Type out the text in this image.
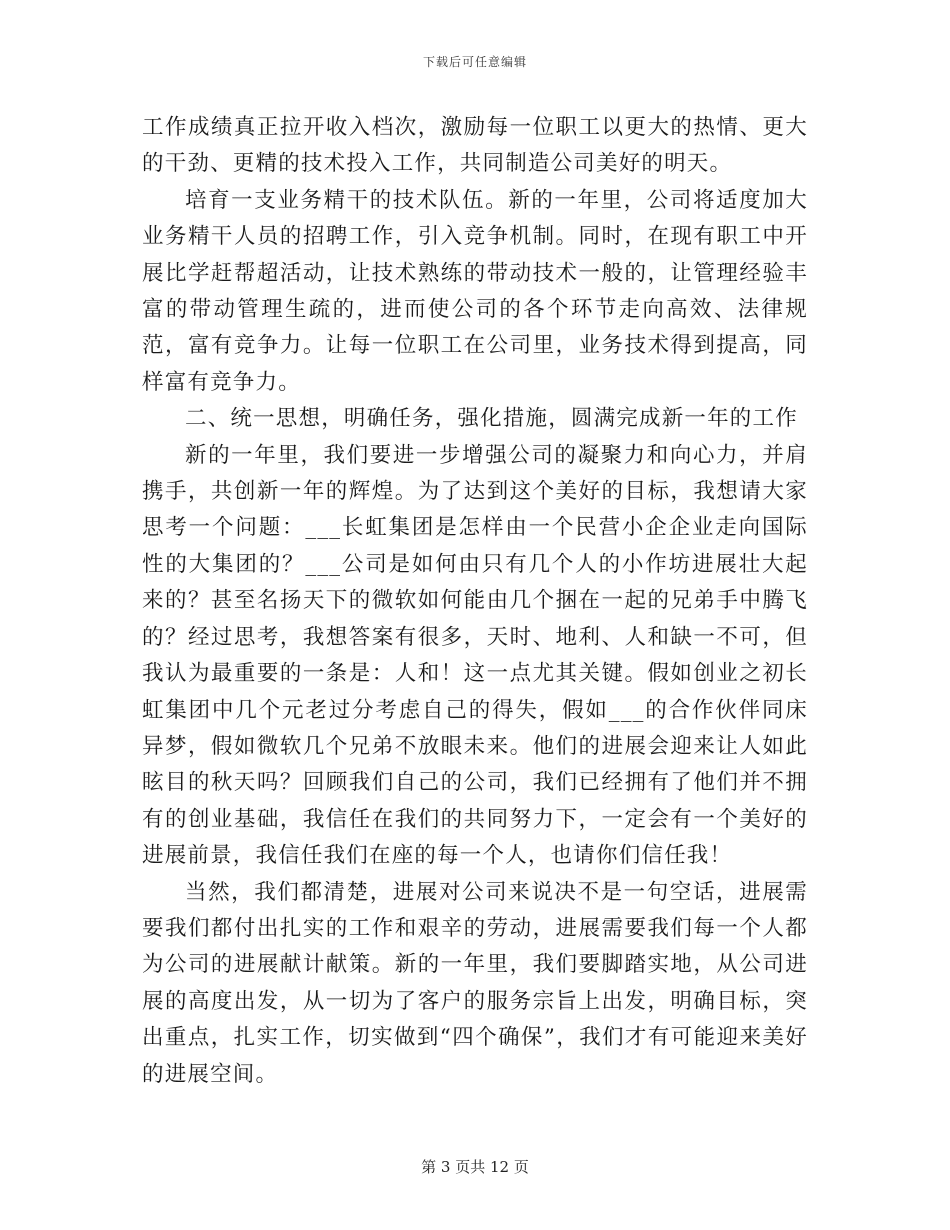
下载后可任意编辑

工作成绩真正拉开收入档次，激励每一位职工以更大的热情、更大的干劲、更精的技术投入工作，共同制造公司美好的明天。

培育一支业务精干的技术队伍。新的一年里，公司将适度加大业务精干人员的招聘工作，引入竞争机制。同时，在现有职工中开展比学赶帮超活动，让技术熟练的带动技术一般的，让管理经验丰富的带动管理生疏的，进而使公司的各个环节走向高效、法律规范，富有竞争力。让每一位职工在公司里，业务技术得到提高，同样富有竞争力。

二、统一思想，明确任务，强化措施，圆满完成新一年的工作

新的一年里，我们要进一步增强公司的凝聚力和向心力，并肩携手，共创新一年的辉煌。为了达到这个美好的目标，我想请大家思考一个问题：___长虹集团是怎样由一个民营小企企业走向国际性的大集团的？___公司是如何由只有几个人的小作坊进展壮大起来的？甚至名扬天下的微软如何能由几个捆在一起的兄弟手中腾飞的？经过思考，我想答案有很多，天时、地利、人和缺一不可，但我认为最重要的一条是：人和！这一点尤其关键。假如创业之初长虹集团中几个元老过分考虑自己的得失，假如___的合作伙伴同床异梦，假如微软几个兄弟不放眼未来。他们的进展会迎来让人如此眩目的秋天吗？回顾我们自己的公司，我们已经拥有了他们并不拥有的创业基础，我信任在我们的共同努力下，一定会有一个美好的进展前景，我信任我们在座的每一个人，也请你们信任我！

当然，我们都清楚，进展对公司来说决不是一句空话，进展需要我们都付出扎实的工作和艰辛的劳动，进展需要我们每一个人都为公司的进展献计献策。新的一年里，我们要脚踏实地，从公司进展的高度出发，从一切为了客户的服务宗旨上出发，明确目标，突出重点，扎实工作，切实做到“四个确保”，我们才有可能迎来美好的进展空间。

第 3 页共 12 页
